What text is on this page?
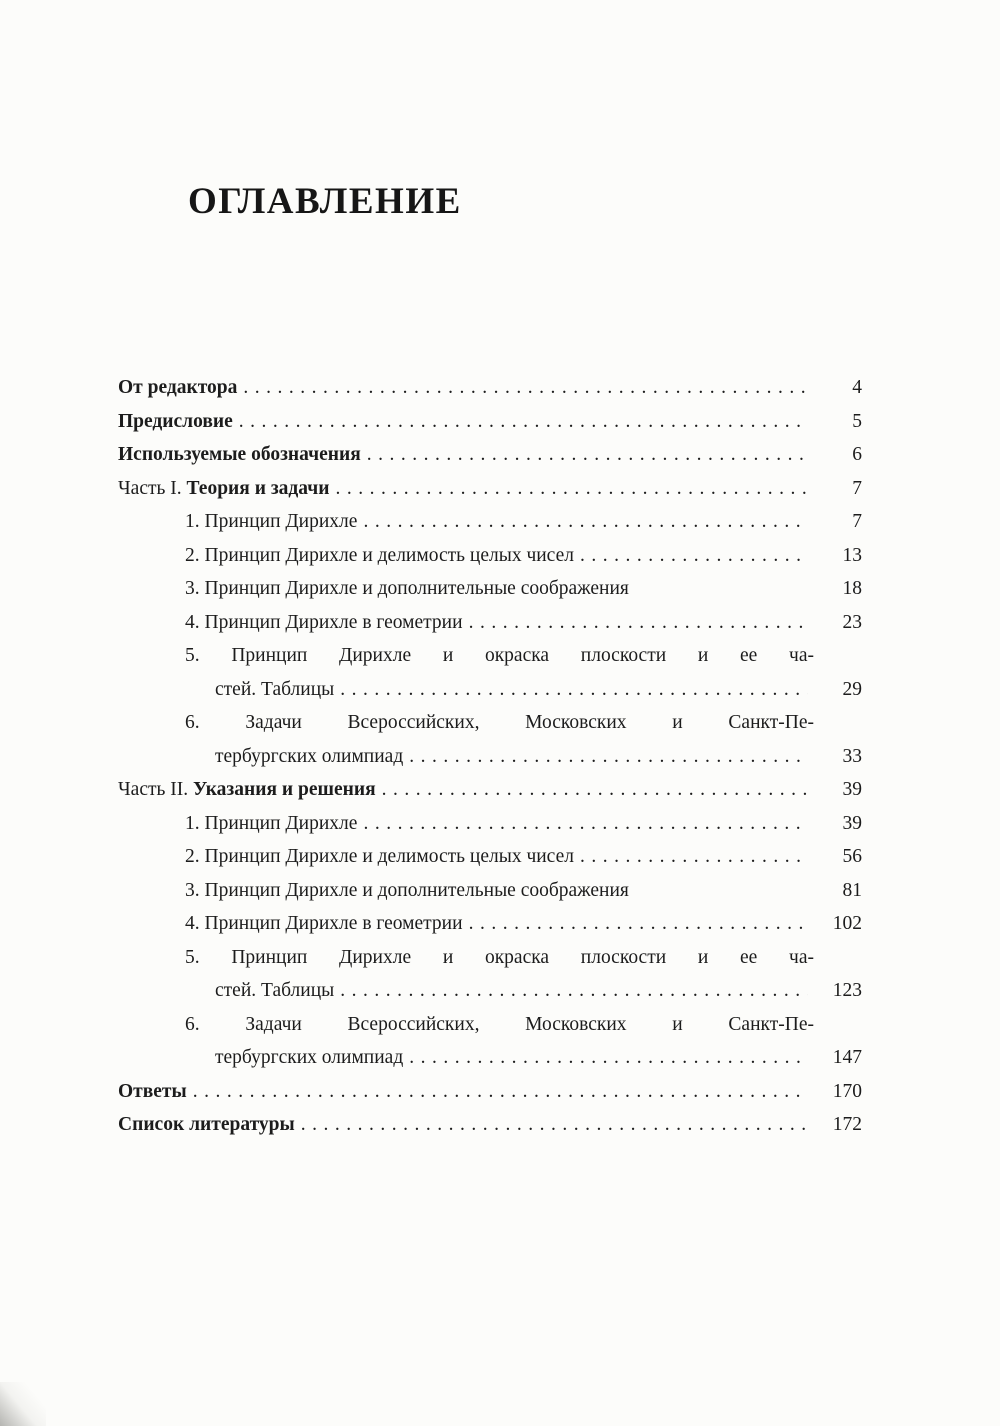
ОГЛАВЛЕНИЕ
От редактора .....	4
Предисловие .....	5
Используемые обозначения .....	6
Часть I. Теория и задачи .....	7
1. Принцип Дирихле .....	7
2. Принцип Дирихле и делимость целых чисел .....	13
3. Принцип Дирихле и дополнительные соображения	18
4. Принцип Дирихле в геометрии .....	23
5. Принцип Дирихле и окраска плоскости и ее ча-
стей. Таблицы .....	29
6. Задачи Всероссийских, Московских и Санкт-Пе-
тербургских олимпиад .....	33
Часть II. Указания и решения .....	39
1. Принцип Дирихле .....	39
2. Принцип Дирихле и делимость целых чисел .....	56
3. Принцип Дирихле и дополнительные соображения	81
4. Принцип Дирихле в геометрии .....	102
5. Принцип Дирихле и окраска плоскости и ее ча-
стей. Таблицы .....	123
6. Задачи Всероссийских, Московских и Санкт-Пе-
тербургских олимпиад .....	147
Ответы .....	170
Список литературы .....	172
